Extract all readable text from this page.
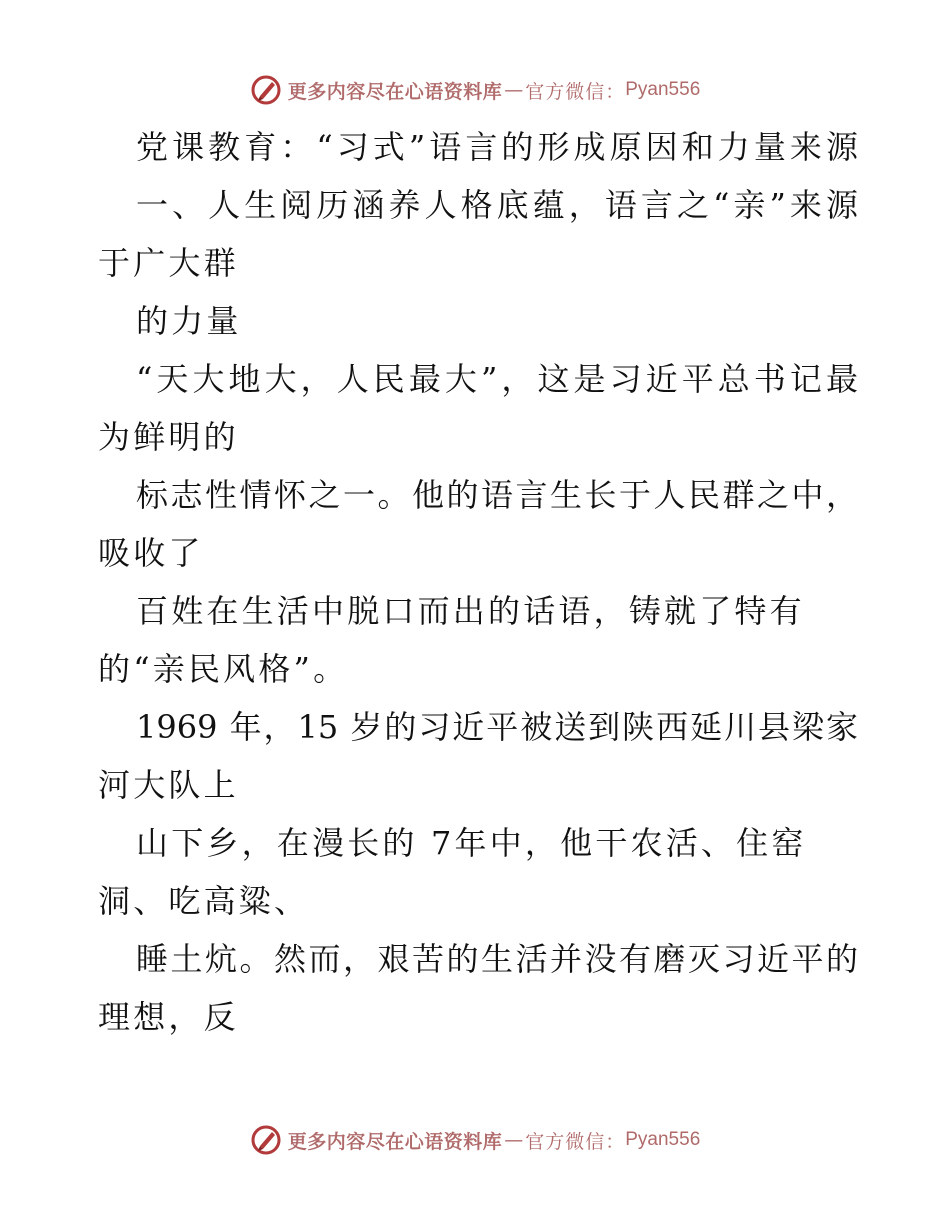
更多内容尽在心语资料库 — 官方微信： Pyan556
党课教育：“习式”语言的形成原因和力量来源
一、人生阅历涵养人格底蕴，语言之“亲”来源
于广大群
的力量
“天大地大，人民最大”，这是习近平总书记最
为鲜明的
标志性情怀之一。他的语言生长于人民群之中，
吸收了
百姓在生活中脱口而出的话语，铸就了特有
的“亲民风格”。
1969 年，15 岁的习近平被送到陕西延川县梁家
河大队上
山下乡，在漫长的 7年中，他干农活、住窑
洞、吃高粱、
睡土炕。然而，艰苦的生活并没有磨灭习近平的
理想，反
更多内容尽在心语资料库 — 官方微信： Pyan556
